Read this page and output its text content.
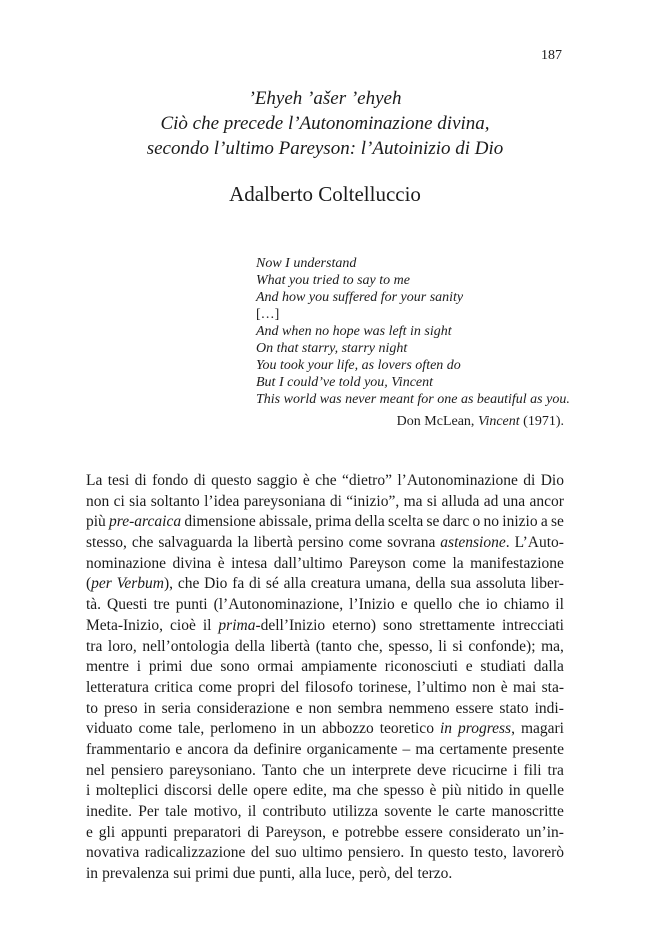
187
’Ehyeh ’ašer ’ehyeh
Ciò che precede l’Autonominazione divina,
secondo l’ultimo Pareyson: l’Autoinizio di Dio
Adalberto Coltelluccio
Now I understand
What you tried to say to me
And how you suffered for your sanity
[…]
And when no hope was left in sight
On that starry, starry night
You took your life, as lovers often do
But I could’ve told you, Vincent
This world was never meant for one as beautiful as you.
Don McLean, Vincent (1971).
La tesi di fondo di questo saggio è che “dietro” l’Autonominazione di Dio
non ci sia soltanto l’idea pareysoniana di “inizio”, ma si alluda ad una ancor
più pre-arcaica dimensione abissale, prima della scelta se darc o no inizio a se
stesso, che salvaguarda la libertà persino come sovrana astensione. L’Auto-
nominazione divina è intesa dall’ultimo Pareyson come la manifestazione
(per Verbum), che Dio fa di sé alla creatura umana, della sua assoluta liber-
tà. Questi tre punti (l’Autonominazione, l’Inizio e quello che io chiamo il
Meta-Inizio, cioè il prima-dell’Inizio eterno) sono strettamente intrecciati
tra loro, nell’ontologia della libertà (tanto che, spesso, li si confonde); ma,
mentre i primi due sono ormai ampiamente riconosciuti e studiati dalla
letteratura critica come propri del filosofo torinese, l’ultimo non è mai sta-
to preso in seria considerazione e non sembra nemmeno essere stato indi-
viduato come tale, perlomeno in un abbozzo teoretico in progress, magari
frammentario e ancora da definire organicamente – ma certamente presente
nel pensiero pareysoniano. Tanto che un interprete deve ricucirne i fili tra
i molteplici discorsi delle opere edite, ma che spesso è più nitido in quelle
inedite. Per tale motivo, il contributo utilizza sovente le carte manoscritte
e gli appunti preparatori di Pareyson, e potrebbe essere considerato un’in-
novativa radicalizzazione del suo ultimo pensiero. In questo testo, lavorerò
in prevalenza sui primi due punti, alla luce, però, del terzo.
